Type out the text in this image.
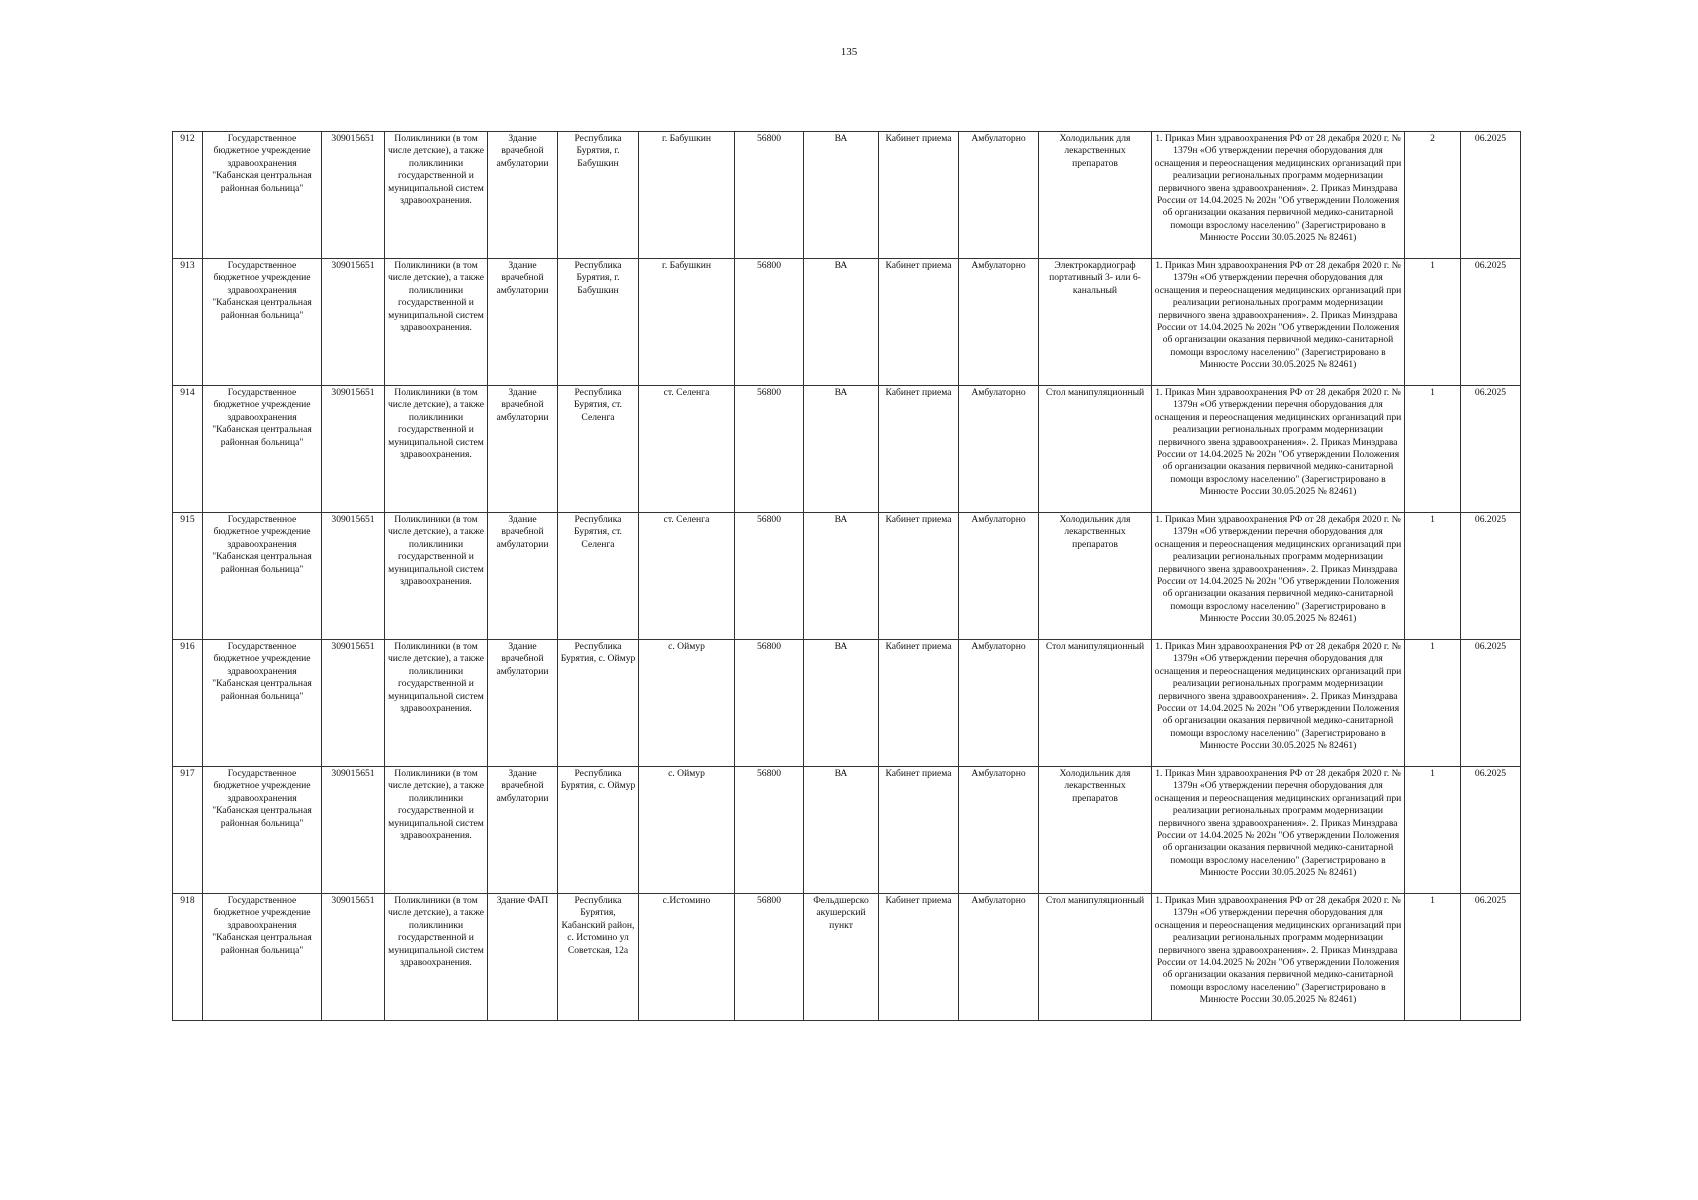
135
912	Государственное бюджетное учреждение здравоохранения "Кабанская центральная районная больница"	309015651	Поликлиники (в том числе детские), а также поликлиники государственной и муниципальной систем здравоохранения.	Здание врачебной амбулатории	Республика Бурятия, г. Бабушкин	г. Бабушкин	56800	ВА	Кабинет приема	Амбулаторно	Холодильник для лекарственных препаратов	1. Приказ Мин здравоохранения РФ от 28 декабря 2020 г. № 1379н «Об утверждении перечня оборудования для оснащения и переоснащения медицинских организаций при реализации региональных программ модернизации первичного звена здравоохранения». 2. Приказ Минздрава России от 14.04.2025 № 202н "Об утверждении Положения об организации оказания первичной медико-санитарной помощи взрослому населению" (Зарегистрировано в Минюсте России 30.05.2025 № 82461)	2	06.2025
913	Государственное бюджетное учреждение здравоохранения "Кабанская центральная районная больница"	309015651	Поликлиники (в том числе детские), а также поликлиники государственной и муниципальной систем здравоохранения.	Здание врачебной амбулатории	Республика Бурятия, г. Бабушкин	г. Бабушкин	56800	ВА	Кабинет приема	Амбулаторно	Электрокардиограф портативный 3- или 6-канальный	1. Приказ Мин здравоохранения РФ от 28 декабря 2020 г. № 1379н «Об утверждении перечня оборудования для оснащения и переоснащения медицинских организаций при реализации региональных программ модернизации первичного звена здравоохранения». 2. Приказ Минздрава России от 14.04.2025 № 202н "Об утверждении Положения об организации оказания первичной медико-санитарной помощи взрослому населению" (Зарегистрировано в Минюсте России 30.05.2025 № 82461)	1	06.2025
914	Государственное бюджетное учреждение здравоохранения "Кабанская центральная районная больница"	309015651	Поликлиники (в том числе детские), а также поликлиники государственной и муниципальной систем здравоохранения.	Здание врачебной амбулатории	Республика Бурятия, ст. Селенга	ст. Селенга	56800	ВА	Кабинет приема	Амбулаторно	Стол манипуляционный	1. Приказ Мин здравоохранения РФ от 28 декабря 2020 г. № 1379н «Об утверждении перечня оборудования для оснащения и переоснащения медицинских организаций при реализации региональных программ модернизации первичного звена здравоохранения». 2. Приказ Минздрава России от 14.04.2025 № 202н "Об утверждении Положения об организации оказания первичной медико-санитарной помощи взрослому населению" (Зарегистрировано в Минюсте России 30.05.2025 № 82461)	1	06.2025
915	Государственное бюджетное учреждение здравоохранения "Кабанская центральная районная больница"	309015651	Поликлиники (в том числе детские), а также поликлиники государственной и муниципальной систем здравоохранения.	Здание врачебной амбулатории	Республика Бурятия, ст. Селенга	ст. Селенга	56800	ВА	Кабинет приема	Амбулаторно	Холодильник для лекарственных препаратов	1. Приказ Мин здравоохранения РФ от 28 декабря 2020 г. № 1379н «Об утверждении перечня оборудования для оснащения и переоснащения медицинских организаций при реализации региональных программ модернизации первичного звена здравоохранения». 2. Приказ Минздрава России от 14.04.2025 № 202н "Об утверждении Положения об организации оказания первичной медико-санитарной помощи взрослому населению" (Зарегистрировано в Минюсте России 30.05.2025 № 82461)	1	06.2025
916	Государственное бюджетное учреждение здравоохранения "Кабанская центральная районная больница"	309015651	Поликлиники (в том числе детские), а также поликлиники государственной и муниципальной систем здравоохранения.	Здание врачебной амбулатории	Республика Бурятия, с. Оймур	с. Оймур	56800	ВА	Кабинет приема	Амбулаторно	Стол манипуляционный	1. Приказ Мин здравоохранения РФ от 28 декабря 2020 г. № 1379н «Об утверждении перечня оборудования для оснащения и переоснащения медицинских организаций при реализации региональных программ модернизации первичного звена здравоохранения». 2. Приказ Минздрава России от 14.04.2025 № 202н "Об утверждении Положения об организации оказания первичной медико-санитарной помощи взрослому населению" (Зарегистрировано в Минюсте России 30.05.2025 № 82461)	1	06.2025
917	Государственное бюджетное учреждение здравоохранения "Кабанская центральная районная больница"	309015651	Поликлиники (в том числе детские), а также поликлиники государственной и муниципальной систем здравоохранения.	Здание врачебной амбулатории	Республика Бурятия, с. Оймур	с. Оймур	56800	ВА	Кабинет приема	Амбулаторно	Холодильник для лекарственных препаратов	1. Приказ Мин здравоохранения РФ от 28 декабря 2020 г. № 1379н «Об утверждении перечня оборудования для оснащения и переоснащения медицинских организаций при реализации региональных программ модернизации первичного звена здравоохранения». 2. Приказ Минздрава России от 14.04.2025 № 202н "Об утверждении Положения об организации оказания первичной медико-санитарной помощи взрослому населению" (Зарегистрировано в Минюсте России 30.05.2025 № 82461)	1	06.2025
918	Государственное бюджетное учреждение здравоохранения "Кабанская центральная районная больница"	309015651	Поликлиники (в том числе детские), а также поликлиники государственной и муниципальной систем здравоохранения.	Здание ФАП	Республика Бурятия, Кабанский район, с. Истомино ул Советская, 12а	с.Истомино	56800	Фельдшерско акушерский пункт	Кабинет приема	Амбулаторно	Стол манипуляционный	1. Приказ Мин здравоохранения РФ от 28 декабря 2020 г. № 1379н «Об утверждении перечня оборудования для оснащения и переоснащения медицинских организаций при реализации региональных программ модернизации первичного звена здравоохранения». 2. Приказ Минздрава России от 14.04.2025 № 202н "Об утверждении Положения об организации оказания первичной медико-санитарной помощи взрослому населению" (Зарегистрировано в Минюсте России 30.05.2025 № 82461)	1	06.2025
